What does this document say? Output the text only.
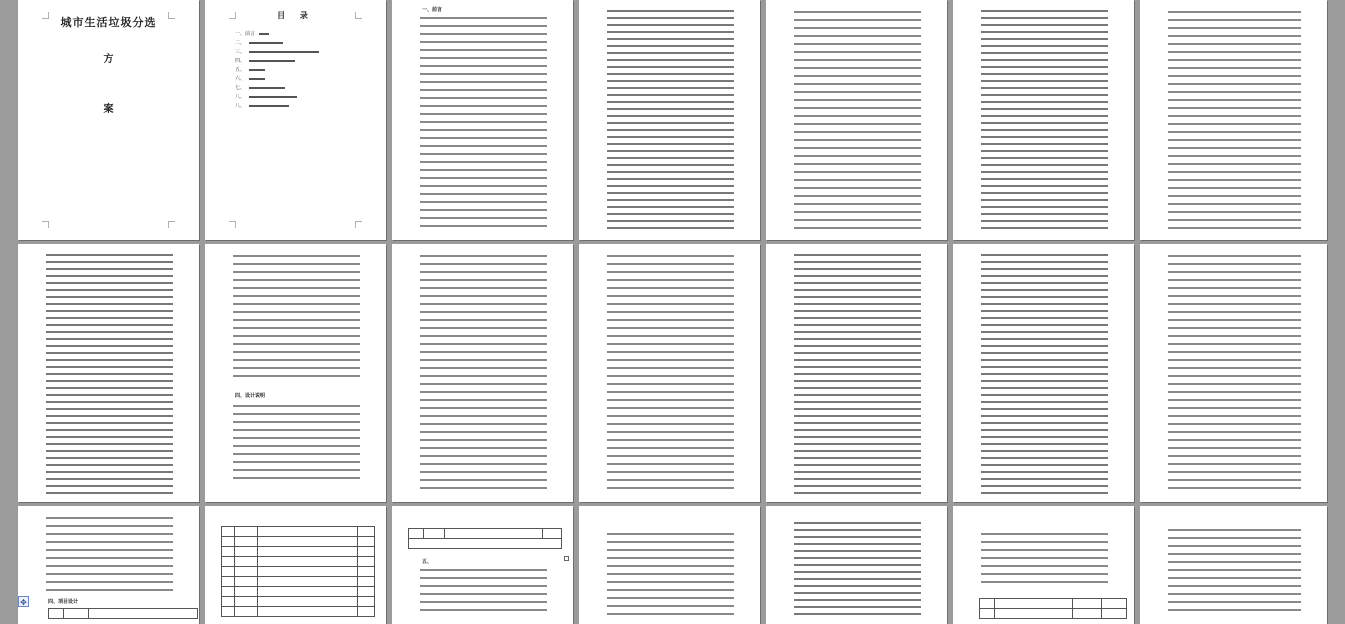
城市生活垃圾分选
方
案
目 录
一、前言
二、
三、
四、
五、
六、
七、
八、
八、
一、前言
四、设计说明
四、项目设计

五、

✥
